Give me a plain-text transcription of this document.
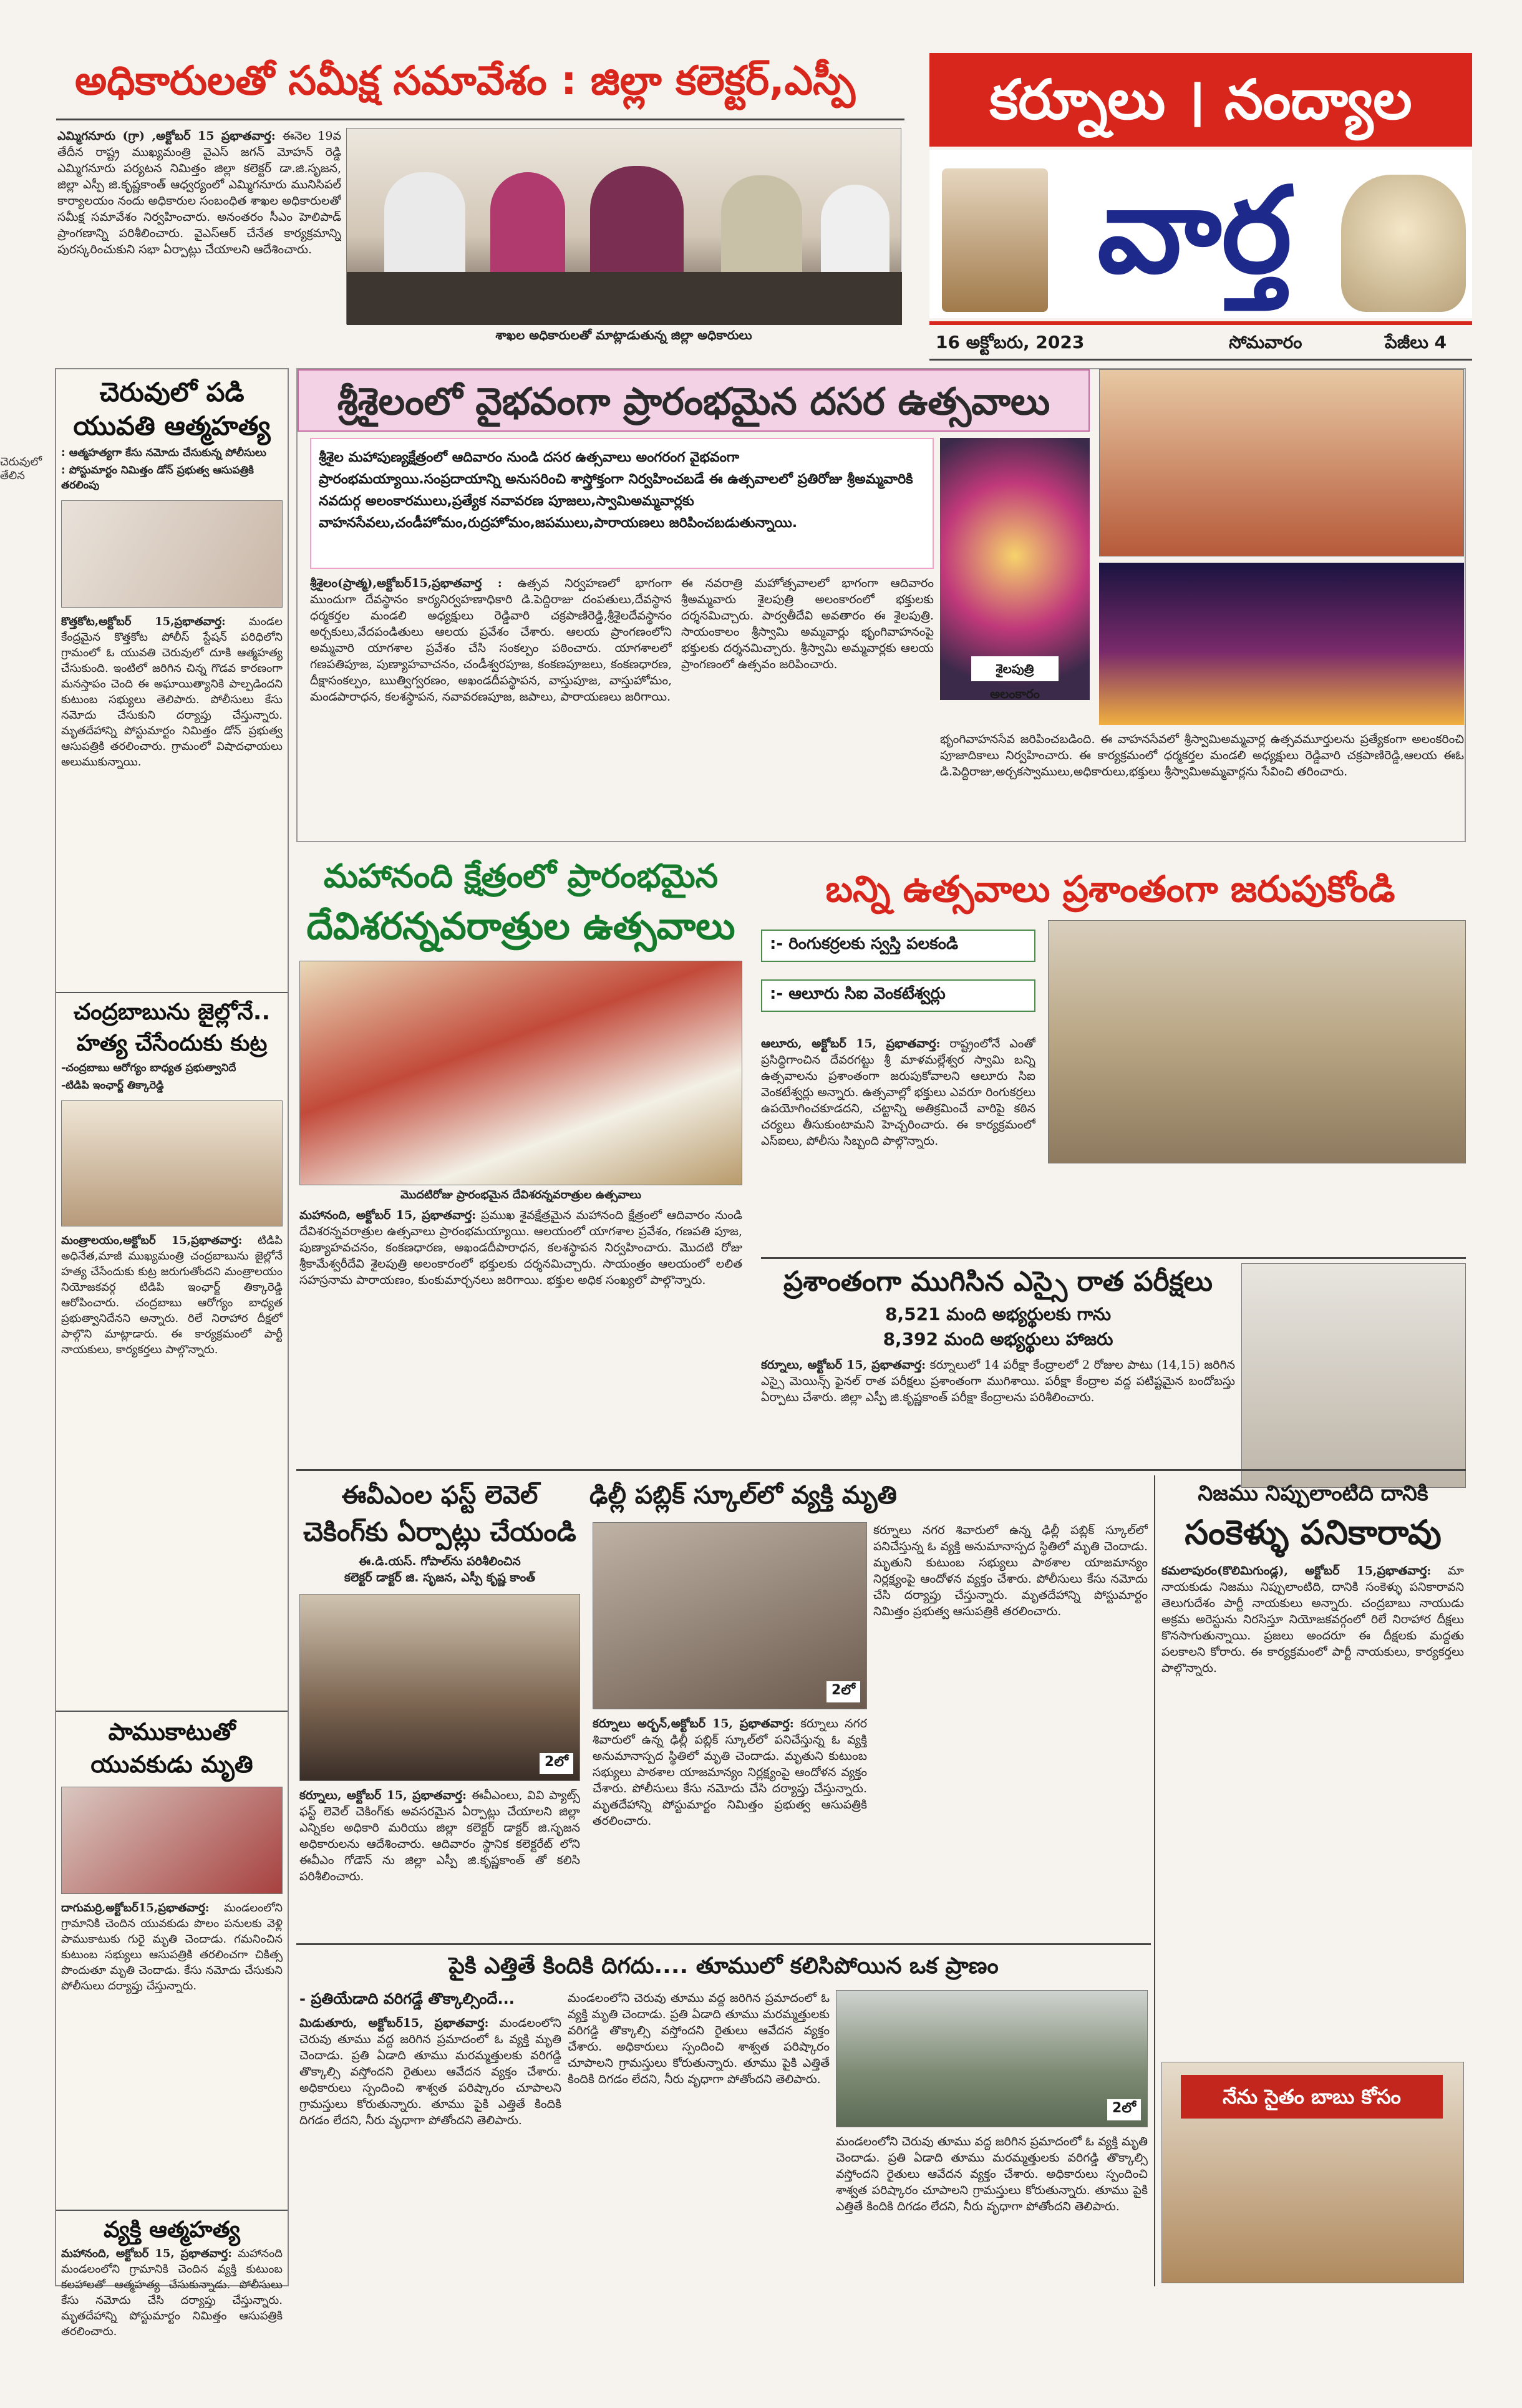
చెరువులో
తేలిన
అధికారులతో సమీక్ష సమావేశం : జిల్లా కలెక్టర్,ఎస్పీ
ఎమ్మిగనూరు (గ్రా) ,అక్టోబర్ 15 ప్రభాతవార్త: ఈనెల 19వ తేదీన రాష్ట్ర ముఖ్యమంత్రి వైఎస్ జగన్ మోహన్ రెడ్డి ఎమ్మిగనూరు పర్యటన నిమిత్తం జిల్లా కలెక్టర్ డా.జి.సృజన, జిల్లా ఎస్పీ జి.కృష్ణకాంత్ ఆధ్వర్యంలో ఎమ్మిగనూరు మునిసిపల్ కార్యాలయం నందు అధికారుల సంబంధిత శాఖల అధికారులతో సమీక్ష సమావేశం నిర్వహించారు. అనంతరం సీఎం హెలిపాడ్ ప్రాంగణాన్ని పరిశీలించారు. వైఎస్ఆర్ చేనేత కార్యక్రమాన్ని పురస్కరించుకుని సభా ఏర్పాట్లు చేయాలని ఆదేశించారు.
శాఖల అధికారులతో మాట్లాడుతున్న జిల్లా అధికారులు
కర్నూలు । నంద్యాల
వార్త
16 అక్టోబరు, 2023	సోమవారం	పేజీలు 4
చెరువులో పడి
యువతి ఆత్మహత్య
: ఆత్మహత్యగా కేసు నమోదు చేసుకున్న పోలీసులు
: పోస్టుమార్టం నిమిత్తం డోన్ ప్రభుత్వ ఆసుపత్రికి తరలింపు
కొత్తకోట,అక్టోబర్ 15,ప్రభాతవార్త: మండల కేంద్రమైన కొత్తకోట పోలీస్ స్టేషన్ పరిధిలోని గ్రామంలో ఓ యువతి చెరువులో దూకి ఆత్మహత్య చేసుకుంది. ఇంటిలో జరిగిన చిన్న గొడవ కారణంగా మనస్తాపం చెంది ఈ అఘాయిత్యానికి పాల్పడిందని కుటుంబ సభ్యులు తెలిపారు. పోలీసులు కేసు నమోదు చేసుకుని దర్యాప్తు చేస్తున్నారు. మృతదేహాన్ని పోస్టుమార్టం నిమిత్తం డోన్ ప్రభుత్వ ఆసుపత్రికి తరలించారు. గ్రామంలో విషాదఛాయలు అలుముకున్నాయి.
చంద్రబాబును జైల్లోనే..
హత్య చేసేందుకు కుట్ర
-చంద్రబాబు ఆరోగ్యం బాధ్యత ప్రభుత్వానిదే
-టిడిపి ఇంఛార్జ్ తిక్కారెడ్డి
మంత్రాలయం,అక్టోబర్ 15,ప్రభాతవార్త: టిడిపి అధినేత,మాజీ ముఖ్యమంత్రి చంద్రబాబును జైల్లోనే హత్య చేసేందుకు కుట్ర జరుగుతోందని మంత్రాలయం నియోజకవర్గ టిడిపి ఇంఛార్జ్ తిక్కారెడ్డి ఆరోపించారు. చంద్రబాబు ఆరోగ్యం బాధ్యత ప్రభుత్వానిదేనని అన్నారు. రిలే నిరాహార దీక్షలో పాల్గొని మాట్లాడారు. ఈ కార్యక్రమంలో పార్టీ నాయకులు, కార్యకర్తలు పాల్గొన్నారు.
పాముకాటుతో
యువకుడు మృతి
దాగుమర్రి,అక్టోబర్15,ప్రభాతవార్త: మండలంలోని గ్రామానికి చెందిన యువకుడు పొలం పనులకు వెళ్లి పాముకాటుకు గురై మృతి చెందాడు. గమనించిన కుటుంబ సభ్యులు ఆసుపత్రికి తరలించగా చికిత్స పొందుతూ మృతి చెందాడు. కేసు నమోదు చేసుకుని పోలీసులు దర్యాప్తు చేస్తున్నారు.
వ్యక్తి ఆత్మహత్య
మహానంది, అక్టోబర్ 15, ప్రభాతవార్త: మహానంది మండలంలోని గ్రామానికి చెందిన వ్యక్తి కుటుంబ కలహాలతో ఆత్మహత్య చేసుకున్నాడు. పోలీసులు కేసు నమోదు చేసి దర్యాప్తు చేస్తున్నారు. మృతదేహాన్ని పోస్టుమార్టం నిమిత్తం ఆసుపత్రికి తరలించారు.
శ్రీశైలంలో వైభవంగా ప్రారంభమైన దసర ఉత్సవాలు
శ్రీశైల మహాపుణ్యక్షేత్రంలో ఆదివారం నుండి దసర ఉత్సవాలు అంగరంగ వైభవంగా ప్రారంభమయ్యాయి.సంప్రదాయాన్ని అనుసరించి శాస్త్రోక్తంగా నిర్వహించబడే ఈ ఉత్సవాలలో ప్రతిరోజు శ్రీఅమ్మవారికి నవదుర్గ అలంకారములు,ప్రత్యేక నవావరణ పూజలు,స్వామిఅమ్మవార్లకు వాహనసేవలు,చండీహోమం,రుద్రహోమం,జపములు,పారాయణలు జరిపించబడుతున్నాయి.
శైలపుత్రి అలంకారం
శ్రీశైలం(ప్రాత్మ),అక్టోబర్15,ప్రభాతవార్త : ఉత్సవ నిర్వహణలో భాగంగా ముందుగా దేవస్థానం కార్యనిర్వహణాధికారి డి.పెద్దిరాజు దంపతులు,దేవస్థాన ధర్మకర్తల మండలి అధ్యక్షులు రెడ్డివారి చక్రపాణిరెడ్డి,శ్రీశైలదేవస్థానం అర్చకులు,వేదపండితులు ఆలయ ప్రవేశం చేశారు. ఆలయ ప్రాంగణంలోని అమ్మవారి యాగశాల ప్రవేశం చేసి సంకల్పం పఠించారు. యాగశాలలో గణపతిపూజ, పుణ్యాహవాచనం, చండీశ్వరపూజ, కంకణపూజలు, కంకణధారణ, దీక్షాసంకల్పం, ఋత్విగ్వరణం, అఖండదీపస్థాపన, వాస్తుపూజ, వాస్తుహోమం, మండపారాధన, కలశస్థాపన, నవావరణపూజ, జపాలు, పారాయణలు జరిగాయి.
ఈ నవరాత్రి మహోత్సవాలలో భాగంగా ఆదివారం శ్రీఅమ్మవారు శైలపుత్రి అలంకారంలో భక్తులకు దర్శనమిచ్చారు. పార్వతీదేవి అవతారం ఈ శైలపుత్రి. సాయంకాలం శ్రీస్వామి అమ్మవార్లు భృంగివాహనంపై భక్తులకు దర్శనమిచ్చారు. శ్రీస్వామి అమ్మవార్లకు ఆలయ ప్రాంగణంలో ఉత్సవం జరిపించారు.
భృంగివాహనసేవ జరిపించబడింది. ఈ వాహనసేవలో శ్రీస్వామిఅమ్మవార్ల ఉత్సవమూర్తులను ప్రత్యేకంగా అలంకరించి పూజాదికాలు నిర్వహించారు. ఈ కార్యక్రమంలో ధర్మకర్తల మండలి అధ్యక్షులు రెడ్డివారి చక్రపాణిరెడ్డి,ఆలయ ఈఓ డి.పెద్దిరాజు,అర్చకస్వాములు,అధికారులు,భక్తులు శ్రీస్వామిఅమ్మవార్లను సేవించి తరించారు.
మహానంది క్షేత్రంలో ప్రారంభమైన
దేవిశరన్నవరాత్రుల ఉత్సవాలు
మొదటిరోజు ప్రారంభమైన దేవిశరన్నవరాత్రుల ఉత్సవాలు
మహానంది, అక్టోబర్ 15, ప్రభాతవార్త: ప్రముఖ శైవక్షేత్రమైన మహానంది క్షేత్రంలో ఆదివారం నుండి దేవిశరన్నవరాత్రుల ఉత్సవాలు ప్రారంభమయ్యాయి. ఆలయంలో యాగశాల ప్రవేశం, గణపతి పూజ, పుణ్యాహవచనం, కంకణధారణ, అఖండదీపారాధన, కలశస్థాపన నిర్వహించారు. మొదటి రోజు శ్రీకామేశ్వరీదేవి శైలపుత్రి అలంకారంలో భక్తులకు దర్శనమిచ్చారు. సాయంత్రం ఆలయంలో లలిత సహస్రనామ పారాయణం, కుంకుమార్చనలు జరిగాయి. భక్తుల అధిక సంఖ్యలో పాల్గొన్నారు.
బన్ని ఉత్సవాలు ప్రశాంతంగా జరుపుకోండి
:- రింగుకర్రలకు స్వస్తి పలకండి
:- ఆలూరు సిఐ వెంకటేశ్వర్లు
ఆలూరు, అక్టోబర్ 15, ప్రభాతవార్త: రాష్ట్రంలోనే ఎంతో ప్రసిద్ధిగాంచిన దేవరగట్టు శ్రీ మాళమల్లేశ్వర స్వామి బన్ని ఉత్సవాలను ప్రశాంతంగా జరుపుకోవాలని ఆలూరు సిఐ వెంకటేశ్వర్లు అన్నారు. ఉత్సవాల్లో భక్తులు ఎవరూ రింగుకర్రలు ఉపయోగించకూడదని, చట్టాన్ని అతిక్రమించే వారిపై కఠిన చర్యలు తీసుకుంటామని హెచ్చరించారు. ఈ కార్యక్రమంలో ఎస్ఐలు, పోలీసు సిబ్బంది పాల్గొన్నారు.
ప్రశాంతంగా ముగిసిన ఎస్సై రాత పరీక్షలు
8,521 మంది అభ్యర్థులకు గాను
8,392 మంది అభ్యర్థులు హాజరు
కర్నూలు, అక్టోబర్ 15, ప్రభాతవార్త: కర్నూలులో 14 పరీక్షా కేంద్రాలలో 2 రోజుల పాటు (14,15) జరిగిన ఎస్సై మెయిన్స్ ఫైనల్ రాత పరీక్షలు ప్రశాంతంగా ముగిశాయి. పరీక్షా కేంద్రాల వద్ద పటిష్టమైన బందోబస్తు ఏర్పాటు చేశారు. జిల్లా ఎస్పీ జి.కృష్ణకాంత్ పరీక్షా కేంద్రాలను పరిశీలించారు.
ఈవీఎంల ఫస్ట్ లెవెల్
చెకింగ్‌కు ఏర్పాట్లు చేయండి
ఈ.డి.యస్. గోపాల్‌ను పరిశీలించిన
కలెక్టర్ డాక్టర్ జి. సృజన, ఎస్పీ కృష్ణ కాంత్
2లో
కర్నూలు, అక్టోబర్ 15, ప్రభాతవార్త: ఈవీఎంలు, వివి ప్యాట్స్ ఫస్ట్ లెవెల్ చెకింగ్‌కు అవసరమైన ఏర్పాట్లు చేయాలని జిల్లా ఎన్నికల అధికారి మరియు జిల్లా కలెక్టర్ డాక్టర్ జి.సృజన అధికారులను ఆదేశించారు. ఆదివారం స్థానిక కలెక్టరేట్ లోని ఈవీఎం గోడౌన్ ను జిల్లా ఎస్పీ జి.కృష్ణకాంత్ తో కలిసి పరిశీలించారు.
ఢిల్లీ పబ్లిక్ స్కూల్‌లో వ్యక్తి మృతి
2లో
కర్నూలు అర్బన్,అక్టోబర్ 15, ప్రభాతవార్త: కర్నూలు నగర శివారులో ఉన్న ఢిల్లీ పబ్లిక్ స్కూల్‌లో పనిచేస్తున్న ఓ వ్యక్తి అనుమానాస్పద స్థితిలో మృతి చెందాడు. మృతుని కుటుంబ సభ్యులు పాఠశాల యాజమాన్యం నిర్లక్ష్యంపై ఆందోళన వ్యక్తం చేశారు. పోలీసులు కేసు నమోదు చేసి దర్యాప్తు చేస్తున్నారు. మృతదేహాన్ని పోస్టుమార్టం నిమిత్తం ప్రభుత్వ ఆసుపత్రికి తరలించారు.
కర్నూలు నగర శివారులో ఉన్న ఢిల్లీ పబ్లిక్ స్కూల్‌లో పనిచేస్తున్న ఓ వ్యక్తి అనుమానాస్పద స్థితిలో మృతి చెందాడు. మృతుని కుటుంబ సభ్యులు పాఠశాల యాజమాన్యం నిర్లక్ష్యంపై ఆందోళన వ్యక్తం చేశారు. పోలీసులు కేసు నమోదు చేసి దర్యాప్తు చేస్తున్నారు. మృతదేహాన్ని పోస్టుమార్టం నిమిత్తం ప్రభుత్వ ఆసుపత్రికి తరలించారు.
నిజము నిప్పులాంటిది దానికి
సంకెళ్ళు పనికారావు
కమలాపురం(కొలిమిగుండ్ల), అక్టోబర్ 15,ప్రభాతవార్త: మా నాయకుడు నిజము నిప్పులాంటిది, దానికి సంకెళ్ళు పనికారావని తెలుగుదేశం పార్టీ నాయకులు అన్నారు. చంద్రబాబు నాయుడు అక్రమ అరెస్టును నిరసిస్తూ నియోజకవర్గంలో రిలే నిరాహార దీక్షలు కొనసాగుతున్నాయి. ప్రజలు అందరూ ఈ దీక్షలకు మద్దతు పలకాలని కోరారు. ఈ కార్యక్రమంలో పార్టీ నాయకులు, కార్యకర్తలు పాల్గొన్నారు.
నేను సైతం బాబు కోసం
పైకి ఎత్తితే కిందికి దిగదు.... తూములో కలిసిపోయిన ఒక ప్రాణం
- ప్రతియేడాది వరిగడ్డే తొక్కాల్సిందే...
మిడుతూరు, అక్టోబర్15, ప్రభాతవార్త: మండలంలోని చెరువు తూము వద్ద జరిగిన ప్రమాదంలో ఓ వ్యక్తి మృతి చెందాడు. ప్రతి ఏడాది తూము మరమ్మత్తులకు వరిగడ్డి తొక్కాల్సి వస్తోందని రైతులు ఆవేదన వ్యక్తం చేశారు. అధికారులు స్పందించి శాశ్వత పరిష్కారం చూపాలని గ్రామస్తులు కోరుతున్నారు. తూము పైకి ఎత్తితే కిందికి దిగడం లేదని, నీరు వృధాగా పోతోందని తెలిపారు.
మండలంలోని చెరువు తూము వద్ద జరిగిన ప్రమాదంలో ఓ వ్యక్తి మృతి చెందాడు. ప్రతి ఏడాది తూము మరమ్మత్తులకు వరిగడ్డి తొక్కాల్సి వస్తోందని రైతులు ఆవేదన వ్యక్తం చేశారు. అధికారులు స్పందించి శాశ్వత పరిష్కారం చూపాలని గ్రామస్తులు కోరుతున్నారు. తూము పైకి ఎత్తితే కిందికి దిగడం లేదని, నీరు వృధాగా పోతోందని తెలిపారు.
2లో
మండలంలోని చెరువు తూము వద్ద జరిగిన ప్రమాదంలో ఓ వ్యక్తి మృతి చెందాడు. ప్రతి ఏడాది తూము మరమ్మత్తులకు వరిగడ్డి తొక్కాల్సి వస్తోందని రైతులు ఆవేదన వ్యక్తం చేశారు. అధికారులు స్పందించి శాశ్వత పరిష్కారం చూపాలని గ్రామస్తులు కోరుతున్నారు. తూము పైకి ఎత్తితే కిందికి దిగడం లేదని, నీరు వృధాగా పోతోందని తెలిపారు.
